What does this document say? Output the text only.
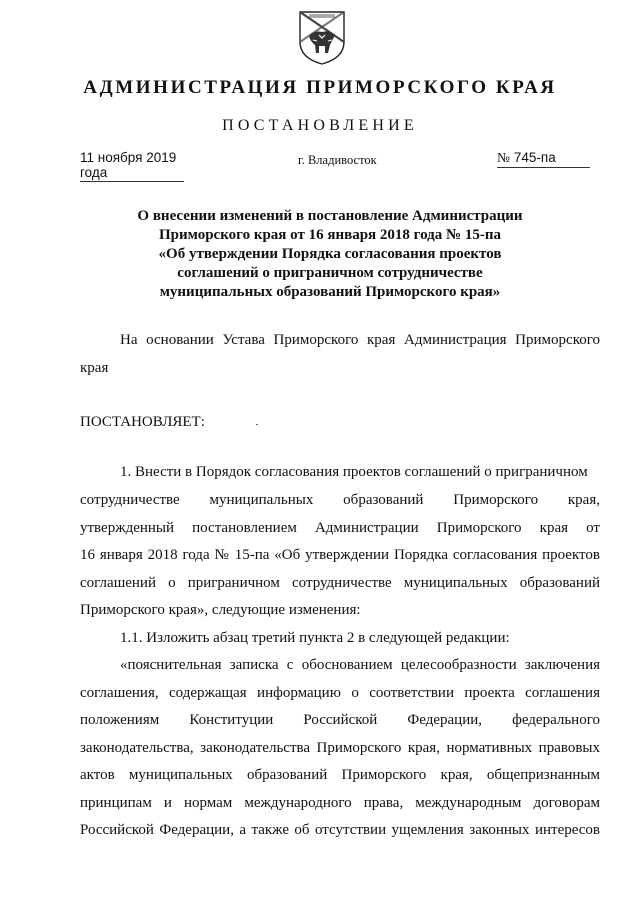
АДМИНИСТРАЦИЯ ПРИМОРСКОГО КРАЯ
ПОСТАНОВЛЕНИЕ
11 ноября 2019 года
г. Владивосток	№ 745-па
О внесении изменений в постановление Администрации
Приморского края от 16 января 2018 года № 15-па
«Об утверждении Порядка согласования проектов
соглашений о приграничном сотрудничестве
муниципальных образований Приморского края»
На основании Устава Приморского края Администрация Приморского
края
ПОСТАНОВЛЯЕТ:
1. Внести в Порядок согласования проектов соглашений о приграничном
сотрудничестве муниципальных образований Приморского края,
утвержденный постановлением Администрации Приморского края от
16 января 2018 года № 15-па «Об утверждении Порядка согласования проектов
соглашений о приграничном сотрудничестве муниципальных образований
Приморского края», следующие изменения:
1.1. Изложить абзац третий пункта 2 в следующей редакции:
«пояснительная записка с обоснованием целесообразности заключения
соглашения, содержащая информацию о соответствии проекта соглашения
положениям Конституции Российской Федерации, федерального
законодательства, законодательства Приморского края, нормативных правовых
актов муниципальных образований Приморского края, общепризнанным
принципам и нормам международного права, международным договорам
Российской Федерации, а также об отсутствии ущемления законных интересов
